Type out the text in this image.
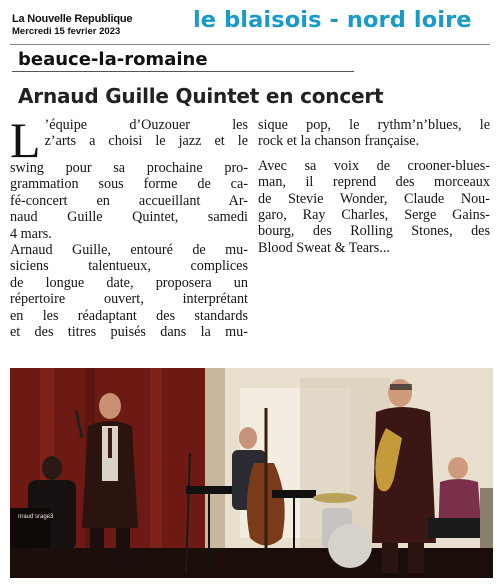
La Nouvelle Republique
Mercredi 15 fevrier 2023	le blaisois - nord loire
beauce-la-romaine
Arnaud Guille Quintet en concert
L ’équipe d’Ouzouer les
z’arts a choisi le jazz et le
swing pour sa prochaine pro-
grammation sous forme de ca-
fé-concert en accueillant Ar-
naud Guille Quintet, samedi
4 mars.
Arnaud Guille, entouré de mu-
siciens talentueux, complices
de longue date, proposera un
répertoire ouvert, interprétant
en les réadaptant des standards
et des titres puisés dans la mu-
sique pop, le rythm’n’blues, le
rock et la chanson française.
Avec sa voix de crooner-blues-
man, il reprend des morceaux
de Stevie Wonder, Claude Nou-
garo, Ray Charles, Serge Gains-
bourg, des Rolling Stones, des
Blood Sweat & Tears...
nraud srage3
